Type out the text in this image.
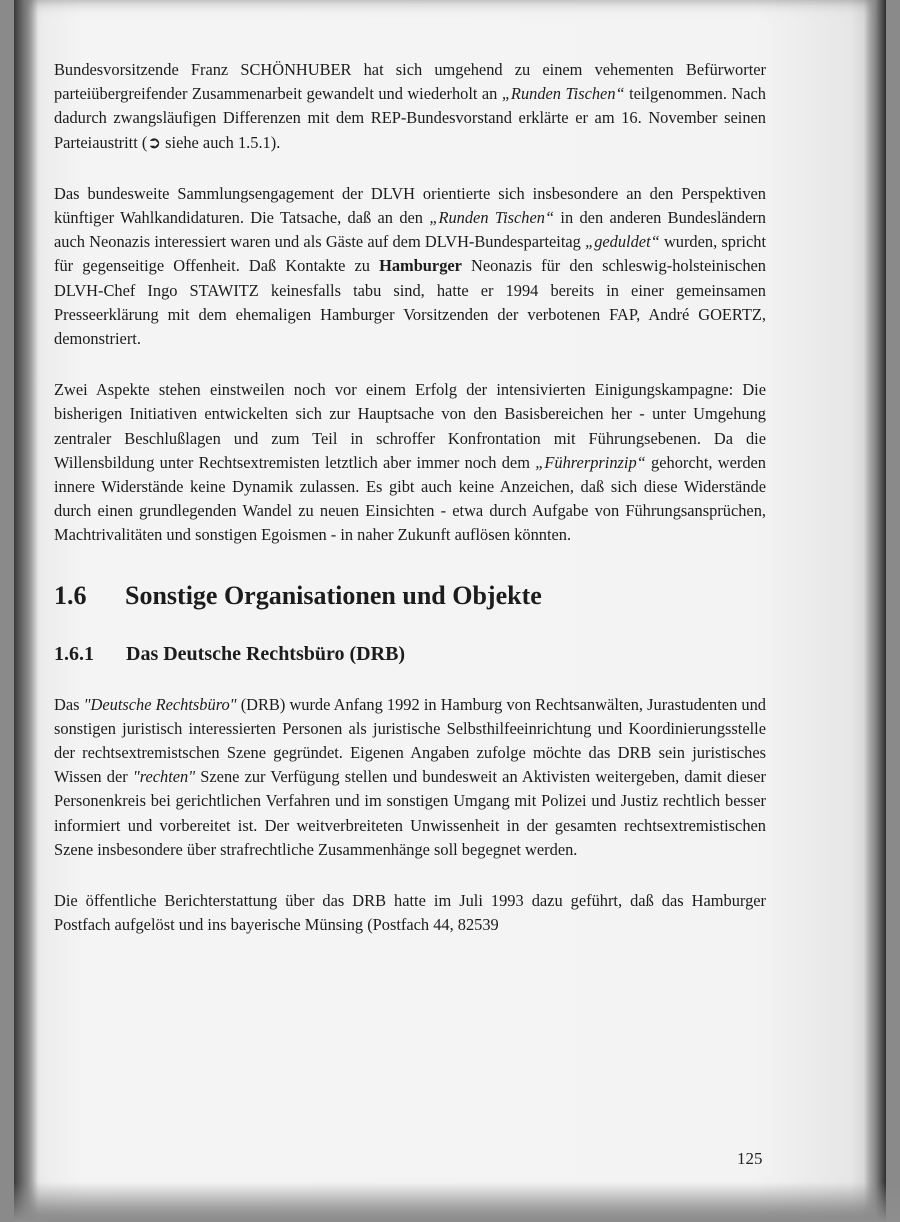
Bundesvorsitzende Franz SCHÖNHUBER hat sich umgehend zu einem vehementen Befürworter parteiübergreifender Zusammenarbeit gewandelt und wiederholt an „Runden Tischen“ teilgenommen. Nach dadurch zwangsläufigen Differenzen mit dem REP-Bundesvorstand erklärte er am 16. November seinen Parteiaustritt (➲ siehe auch 1.5.1).

Das bundesweite Sammlungsengagement der DLVH orientierte sich insbesondere an den Perspektiven künftiger Wahlkandidaturen. Die Tatsache, daß an den „Runden Tischen“ in den anderen Bundesländern auch Neonazis interessiert waren und als Gäste auf dem DLVH-Bundesparteitag „geduldet“ wurden, spricht für gegenseitige Offenheit. Daß Kontakte zu Hamburger Neonazis für den schleswig-holsteinischen DLVH-Chef Ingo STAWITZ keinesfalls tabu sind, hatte er 1994 bereits in einer gemeinsamen Presseerklärung mit dem ehemaligen Hamburger Vorsitzenden der verbotenen FAP, André GOERTZ, demonstriert.

Zwei Aspekte stehen einstweilen noch vor einem Erfolg der intensivierten Einigungskampagne: Die bisherigen Initiativen entwickelten sich zur Hauptsache von den Basisbereichen her - unter Umgehung zentraler Beschlußlagen und zum Teil in schroffer Konfrontation mit Führungsebenen. Da die Willensbildung unter Rechtsextremisten letztlich aber immer noch dem „Führerprinzip“ gehorcht, werden innere Widerstände keine Dynamik zulassen. Es gibt auch keine Anzeichen, daß sich diese Widerstände durch einen grundlegenden Wandel zu neuen Einsichten - etwa durch Aufgabe von Führungsansprüchen, Machtrivalitäten und sonstigen Egoismen - in naher Zukunft auflösen könnten.

1.6	Sonstige Organisationen und Objekte
1.6.1	Das Deutsche Rechtsbüro (DRB)

Das "Deutsche Rechtsbüro" (DRB) wurde Anfang 1992 in Hamburg von Rechtsanwälten, Jurastudenten und sonstigen juristisch interessierten Personen als juristische Selbsthilfeeinrichtung und Koordinierungsstelle der rechtsextremistschen Szene gegründet. Eigenen Angaben zufolge möchte das DRB sein juristisches Wissen der "rechten" Szene zur Verfügung stellen und bundesweit an Aktivisten weitergeben, damit dieser Personenkreis bei gerichtlichen Verfahren und im sonstigen Umgang mit Polizei und Justiz rechtlich besser informiert und vorbereitet ist. Der weitverbreiteten Unwissenheit in der gesamten rechtsextremistischen Szene insbesondere über strafrechtliche Zusammenhänge soll begegnet werden.

Die öffentliche Berichterstattung über das DRB hatte im Juli 1993 dazu geführt, daß das Hamburger Postfach aufgelöst und ins bayerische Münsing (Postfach 44, 82539

125
